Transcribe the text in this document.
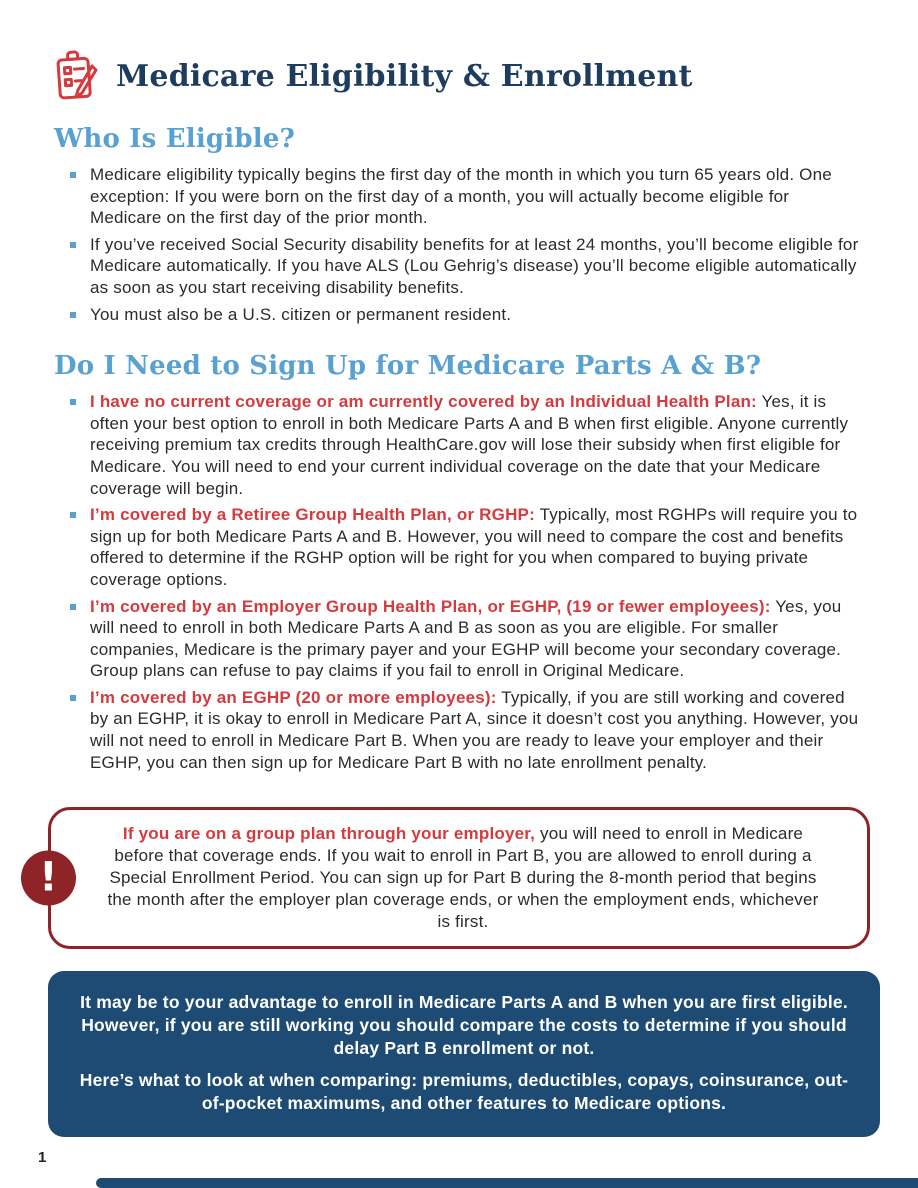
Medicare Eligibility & Enrollment
Who Is Eligible?
Medicare eligibility typically begins the first day of the month in which you turn 65 years old. One exception: If you were born on the first day of a month, you will actually become eligible for Medicare on the first day of the prior month.
If you’ve received Social Security disability benefits for at least 24 months, you’ll become eligible for Medicare automatically. If you have ALS (Lou Gehrig’s disease) you’ll become eligible automatically as soon as you start receiving disability benefits.
You must also be a U.S. citizen or permanent resident.
Do I Need to Sign Up for Medicare Parts A & B?
I have no current coverage or am currently covered by an Individual Health Plan: Yes, it is often your best option to enroll in both Medicare Parts A and B when first eligible. Anyone currently receiving premium tax credits through HealthCare.gov will lose their subsidy when first eligible for Medicare. You will need to end your current individual coverage on the date that your Medicare coverage will begin.
I’m covered by a Retiree Group Health Plan, or RGHP: Typically, most RGHPs will require you to sign up for both Medicare Parts A and B. However, you will need to compare the cost and benefits offered to determine if the RGHP option will be right for you when compared to buying private coverage options.
I’m covered by an Employer Group Health Plan, or EGHP, (19 or fewer employees): Yes, you will need to enroll in both Medicare Parts A and B as soon as you are eligible. For smaller companies, Medicare is the primary payer and your EGHP will become your secondary coverage. Group plans can refuse to pay claims if you fail to enroll in Original Medicare.
I’m covered by an EGHP (20 or more employees): Typically, if you are still working and covered by an EGHP, it is okay to enroll in Medicare Part A, since it doesn’t cost you anything. However, you will not need to enroll in Medicare Part B. When you are ready to leave your employer and their EGHP, you can then sign up for Medicare Part B with no late enrollment penalty.
!
If you are on a group plan through your employer, you will need to enroll in Medicare before that coverage ends. If you wait to enroll in Part B, you are allowed to enroll during a Special Enrollment Period. You can sign up for Part B during the 8-month period that begins the month after the employer plan coverage ends, or when the employment ends, whichever is first.

It may be to your advantage to enroll in Medicare Parts A and B when you are first eligible. However, if you are still working you should compare the costs to determine if you should delay Part B enrollment or not.

Here’s what to look at when comparing: premiums, deductibles, copays, coinsurance, out-of-pocket maximums, and other features to Medicare options.

1
